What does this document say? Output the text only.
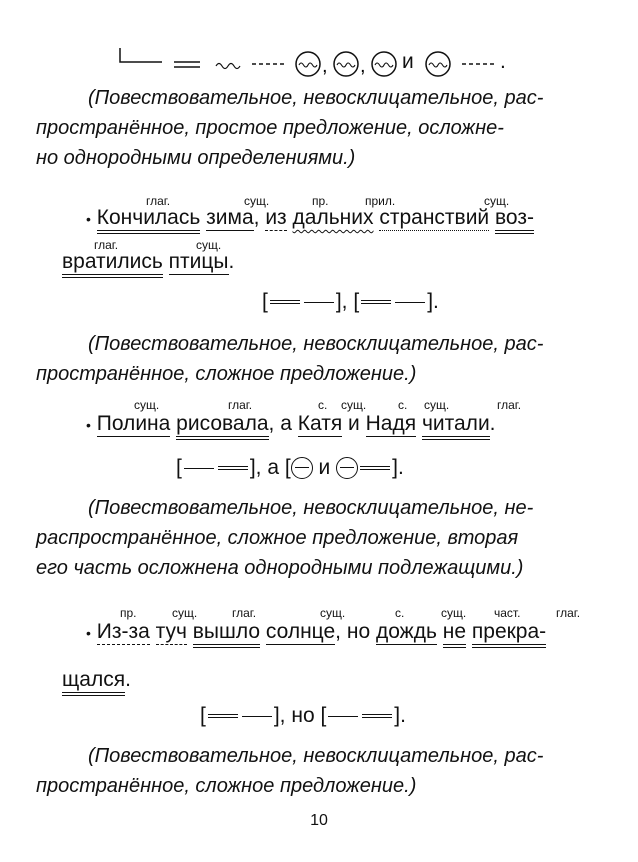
, , и	.
(Повествовательное, невосклицательное, рас-
пространённое, простое предложение, осложне-
но однородными определениями.)
глаг.	сущ.	пр.	прил.	сущ.
• Кончилась зима, из дальних странствий воз-
глаг.	сущ.
вратились птицы.
[	], [	].
(Повествовательное, невосклицательное, рас-
пространённое, сложное предложение.)
сущ.	глаг.	с. сущ.	с. сущ.	глаг.
• Полина рисовала, а Катя и Надя читали.
[	], а [ и	].
(Повествовательное, невосклицательное, не-
распространённое, сложное предложение, вторая
его часть осложнена однородными подлежащими.)
пр.	сущ.	глаг.	сущ.	с.	сущ. част.	глаг.
• Из-за туч вышло солнце, но дождь не прекра-
щался.
[	], но [	].
(Повествовательное, невосклицательное, рас-
пространённое, сложное предложение.)
10
